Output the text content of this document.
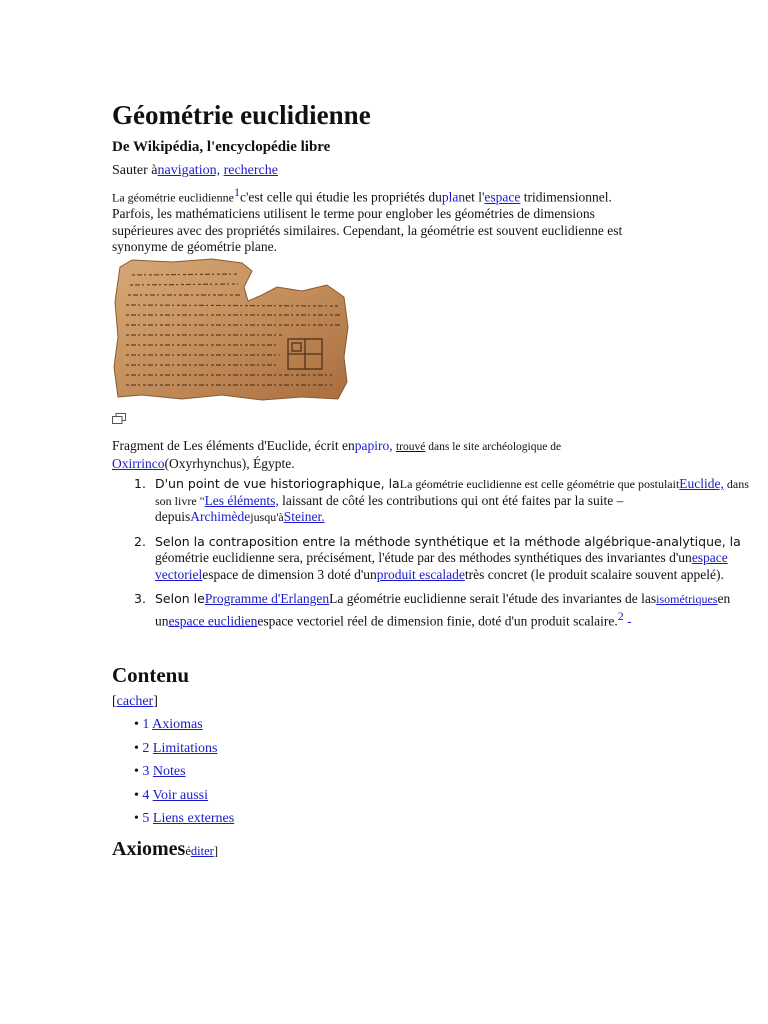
Géométrie euclidienne
De Wikipédia, l'encyclopédie libre
Sauter ànavigation, recherche
La géométrie euclidienne$^1$c'est celle qui étudie les propriétés duplanet l'espace tridimensionnel. Parfois, les mathématiciens utilisent le terme pour englober les géométries de dimensions supérieures avec des propriétés similaires. Cependant, la géométrie est souvent euclidienne est synonyme de géométrie plane.
Fragment de Les éléments d'Euclide, écrit enpapiro, trouvé dans le site archéologique de
Oxirrinco(Oxyrhynchus), Égypte.
1. D'un point de vue historiographique, laLa géométrie euclidienne est celle géométrie que postulaitEuclide, dans son livre "Les éléments, laissant de côté les contributions qui ont été faites par la suite –depuisArchimèdejusqu'àSteiner.
2. Selon la contraposition entre la méthode synthétique et la méthode algébrique-analytique, la
géométrie euclidienne sera, précisément, l'étude par des méthodes synthétiques des invariantes d'unespace vectorielespace de dimension 3 doté d'unproduit escaladetrès concret (le produit scalaire souvent appelé).
3. Selon leProgramme d'ErlangenLa géométrie euclidienne serait l'étude des invariantes de lasisométriquesen unespace euclidienespace vectoriel réel de dimension finie, doté d'un produit scalaire.$^2$ -
Contenu
[cacher]
• 1 Axiomas
• 2 Limitations
• 3 Notes
• 4 Voir aussi
• 5 Liens externes
Axiomeséditer]
